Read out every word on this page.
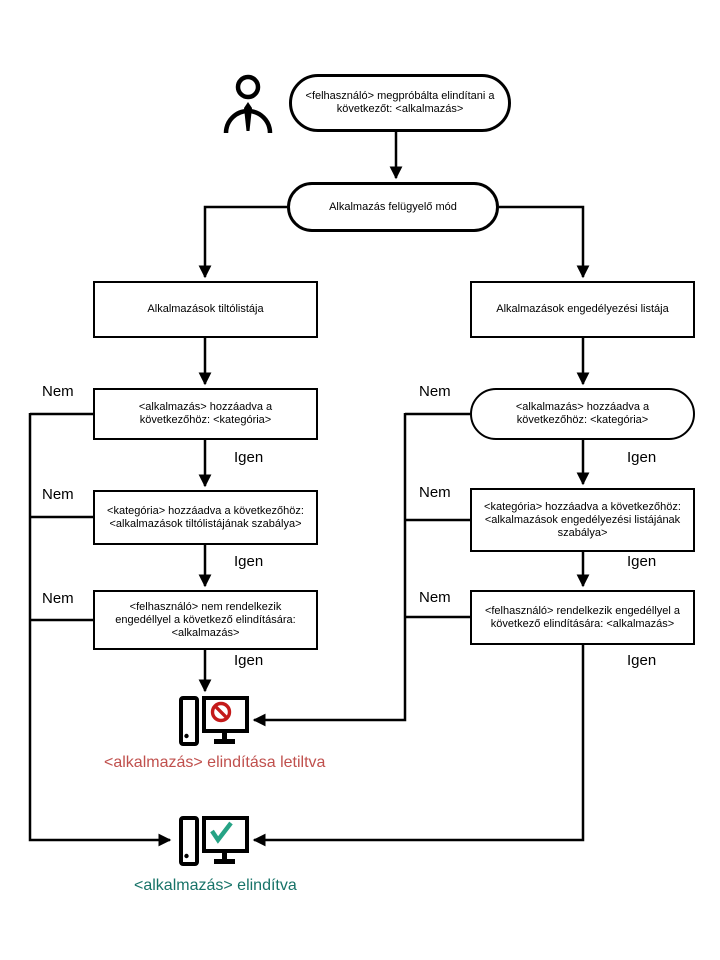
<felhasználó> megpróbálta elindítani a következőt: <alkalmazás>
Alkalmazás felügyelő mód
Alkalmazások tiltólistája	Alkalmazások engedélyezési listája
<alkalmazás> hozzáadva a következőhöz: <kategória>
<kategória> hozzáadva a következőhöz: <alkalmazások tiltólistájának szabálya>
<felhasználó> nem rendelkezik engedéllyel a következő elindítására: <alkalmazás>
<alkalmazás> hozzáadva a következőhöz: <kategória>
<kategória> hozzáadva a következőhöz: <alkalmazások engedélyezési listájának szabálya>
<felhasználó> rendelkezik engedéllyel a következő elindítására: <alkalmazás>
Nem
Nem
Nem
Igen
Igen
Igen
Nem
Nem
Nem
Igen
Igen
Igen
<alkalmazás> elindítása letiltva
<alkalmazás> elindítva
